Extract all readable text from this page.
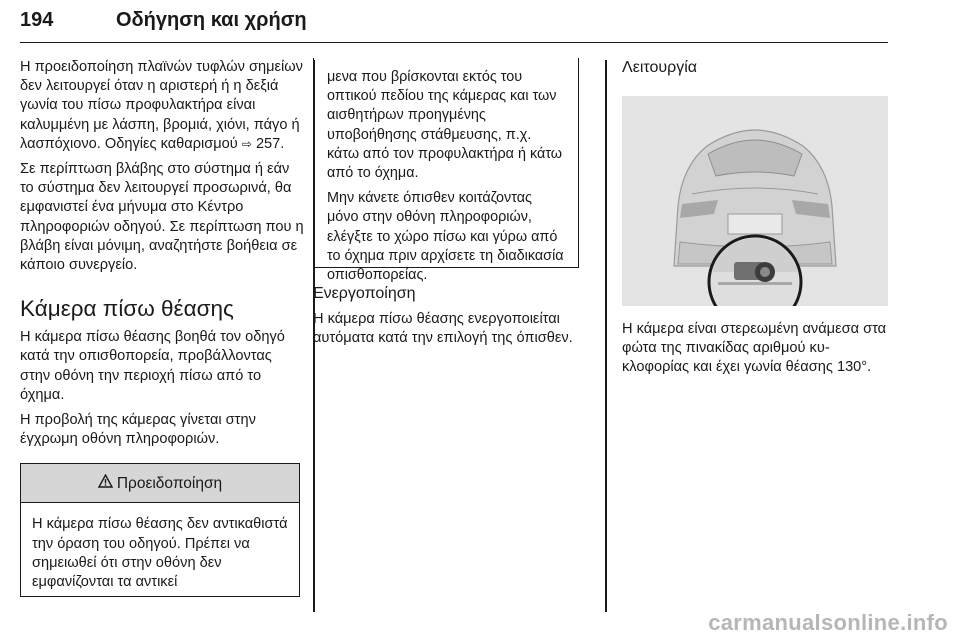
194	Οδήγηση και χρήση

Η προειδοποίηση πλαϊνών τυφλών σημείων δεν λειτουργεί όταν η αριστερή ή η δεξιά γωνία του πίσω προφυλακτήρα είναι καλυμμένη με λάσπη, βρομιά, χιόνι, πάγο ή λασπόχιονο. Οδηγίες καθαρισμού ⇨ 257.

Σε περίπτωση βλάβης στο σύστημα ή εάν το σύστημα δεν λειτουργεί προσωρινά, θα εμφανιστεί ένα μήνυμα στο Κέντρο πληροφοριών οδηγού. Σε περίπτωση που η βλάβη είναι μόνιμη, αναζητήστε βοήθεια σε κάποιο συνεργείο.

Κάμερα πίσω θέασης

Η κάμερα πίσω θέασης βοηθά τον οδηγό κατά την οπισθοπορεία, προβάλλοντας στην οθόνη την περιοχή πίσω από το όχημα.

Η προβολή της κάμερας γίνεται στην έγχρωμη οθόνη πληροφοριών.

Προειδοποίηση
Η κάμερα πίσω θέασης δεν αντικαθιστά την όραση του οδηγού. Πρέπει να σημειωθεί ότι στην οθόνη δεν εμφανίζονται τα αντικεί

μενα που βρίσκονται εκτός του οπτικού πεδίου της κάμερας και των αισθητήρων προηγμένης υποβοήθησης στάθμευσης, π.χ. κάτω από τον προφυλακτήρα ή κάτω από το όχημα.

Μην κάνετε όπισθεν κοιτάζοντας μόνο στην οθόνη πληροφοριών, ελέγξτε το χώρο πίσω και γύρω από το όχημα πριν αρχίσετε τη διαδικασία οπισθοπορείας.

Ενεργοποίηση

Η κάμερα πίσω θέασης ενεργοποιείται αυτόματα κατά την επιλογή της όπισθεν.

Λειτουργία

Η κάμερα είναι στερεωμένη ανάμεσα στα φώτα της πινακίδας αριθμού κυκλοφορίας και έχει γωνία θέασης 130°.

carmanualsonline.info
